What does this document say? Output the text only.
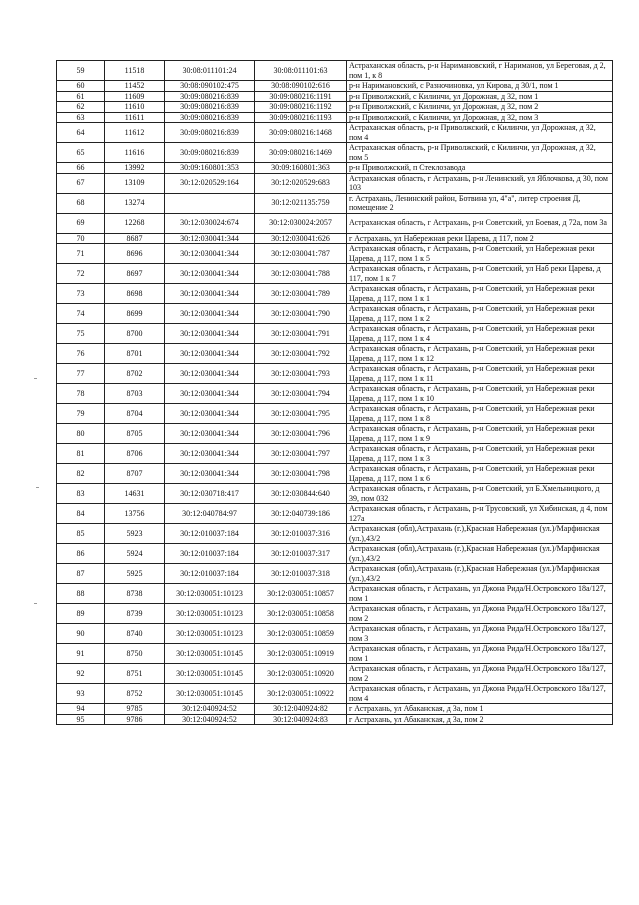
59	11518	30:08:011101:24	30:08:011101:63	Астраханская область, р-н Наримановский, г Нариманов, ул Береговая, д 2, пом 1, к 8
60	11452	30:08:090102:475	30:08:090102:616	р-н Наримановский, с Разночиновка, ул Кирова, д 30/1, пом 1
61	11609	30:09:080216:839	30:09:080216:1191	р-н Приволжский, с Килинчи, ул Дорожная, д 32, пом 1
62	11610	30:09:080216:839	30:09:080216:1192	р-н Приволжский, с Килинчи, ул Дорожная, д 32, пом 2
63	11611	30:09:080216:839	30:09:080216:1193	р-н Приволжский, с Килинчи, ул Дорожная, д 32, пом 3
64	11612	30:09:080216:839	30:09:080216:1468	Астраханская область, р-н Приволжский, с Килинчи, ул Дорожная, д 32, пом 4
65	11616	30:09:080216:839	30:09:080216:1469	Астраханская область, р-н Приволжский, с Килинчи, ул Дорожная, д 32, пом 5
66	13992	30:09:160801:353	30:09:160801:363	р-н Приволжский, п Стеклозавода
67	13109	30:12:020529:164	30:12:020529:683	Астраханская область, г Астрахань, р-н Ленинский, ул Яблочкова, д 30, пом 103
68	13274		30:12:021135:759	г. Астрахань, Ленинский район, Ботвина ул, 4"а", литер строения Д, помещение 2
69	12268	30:12:030024:674	30:12:030024:2057	Астраханская область, г Астрахань, р-н Советский, ул Боевая, д 72а, пом 3а
70	8687	30:12:030041:344	30:12:030041:626	г Астрахань, ул Набережная реки Царева, д 117, пом 2
71	8696	30:12:030041:344	30:12:030041:787	Астраханская область, г Астрахань, р-н Советский, ул Набережная реки Царева, д 117, пом 1 к 5
72	8697	30:12:030041:344	30:12:030041:788	Астраханская область, г Астрахань, р-н Советский, ул Наб реки Царева, д 117, пом 1 к 7
73	8698	30:12:030041:344	30:12:030041:789	Астраханская область, г Астрахань, р-н Советский, ул Набережная реки Царева, д 117, пом 1 к 1
74	8699	30:12:030041:344	30:12:030041:790	Астраханская область, г Астрахань, р-н Советский, ул Набережная реки Царева, д 117, пом 1 к 2
75	8700	30:12:030041:344	30:12:030041:791	Астраханская область, г Астрахань, р-н Советский, ул Набережная реки Царева, д 117, пом 1 к 4
76	8701	30:12:030041:344	30:12:030041:792	Астраханская область, г Астрахань, р-н Советский, ул Набережная реки Царева, д 117, пом 1 к 12
77	8702	30:12:030041:344	30:12:030041:793	Астраханская область, г Астрахань, р-н Советский, ул Набережная реки Царева, д 117, пом 1 к 11
78	8703	30:12:030041:344	30:12:030041:794	Астраханская область, г Астрахань, р-н Советский, ул Набережная реки Царева, д 117, пом 1 к 10
79	8704	30:12:030041:344	30:12:030041:795	Астраханская область, г Астрахань, р-н Советский, ул Набережная реки Царева, д 117, пом 1 к 8
80	8705	30:12:030041:344	30:12:030041:796	Астраханская область, г Астрахань, р-н Советский, ул Набережная реки Царева, д 117, пом 1 к 9
81	8706	30:12:030041:344	30:12:030041:797	Астраханская область, г Астрахань, р-н Советский, ул Набережная реки Царева, д 117, пом 1 к 3
82	8707	30:12:030041:344	30:12:030041:798	Астраханская область, г Астрахань, р-н Советский, ул Набережная реки Царева, д 117, пом 1 к 6
83	14631	30:12:030718:417	30:12:030844:640	Астраханская область, г Астрахань, р-н Советский, ул Б.Хмельницкого, д 39, пом 032
84	13756	30:12:040784:97	30:12:040739:186	Астраханская область, г Астрахань, р-н Трусовский, ул Хибинская, д 4, пом 127а
85	5923	30:12:010037:184	30:12:010037:316	Астраханская (обл),Астрахань (г.),Красная Набережная (ул.)/Марфинская (ул.),43/2
86	5924	30:12:010037:184	30:12:010037:317	Астраханская (обл),Астрахань (г.),Красная Набережная (ул.)/Марфинская (ул.),43/2
87	5925	30:12:010037:184	30:12:010037:318	Астраханская (обл),Астрахань (г.),Красная Набережная (ул.)/Марфинская (ул.),43/2
88	8738	30:12:030051:10123	30:12:030051:10857	Астраханская область, г Астрахань, ул Джона Рида/Н.Островского 18а/127, пом 1
89	8739	30:12:030051:10123	30:12:030051:10858	Астраханская область, г Астрахань, ул Джона Рида/Н.Островского 18а/127, пом 2
90	8740	30:12:030051:10123	30:12:030051:10859	Астраханская область, г Астрахань, ул Джона Рида/Н.Островского 18а/127, пом 3
91	8750	30:12:030051:10145	30:12:030051:10919	Астраханская область, г Астрахань, ул Джона Рида/Н.Островского 18а/127, пом 1
92	8751	30:12:030051:10145	30:12:030051:10920	Астраханская область, г Астрахань, ул Джона Рида/Н.Островского 18а/127, пом 2
93	8752	30:12:030051:10145	30:12:030051:10922	Астраханская область, г Астрахань, ул Джона Рида/Н.Островского 18а/127, пом 4
94	9785	30:12:040924:52	30:12:040924:82	г Астрахань, ул Абаканская, д 3а, пом 1
95	9786	30:12:040924:52	30:12:040924:83	г Астрахань, ул Абаканская, д 3а, пом 2
